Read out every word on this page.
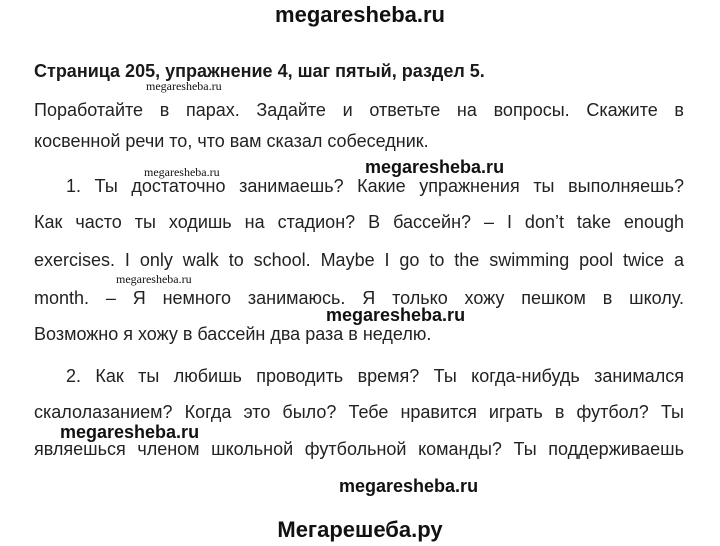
megaresheba.ru
Страница 205, упражнение 4, шаг пятый, раздел 5.
Поработайте в парах. Задайте и ответьте на вопросы. Скажите в
косвенной речи то, что вам сказал собеседник.
1. Ты достаточно занимаешь? Какие упражнения ты выполняешь?
Как часто ты ходишь на стадион? В бассейн? – I don’t take enough
exercises. I only walk to school. Maybe I go to the swimming pool twice a
month. – Я немного занимаюсь. Я только хожу пешком в школу.
Возможно я хожу в бассейн два раза в неделю.
2. Как ты любишь проводить время? Ты когда-нибудь занимался
скалолазанием? Когда это было? Тебе нравится играть в футбол? Ты
являешься членом школьной футбольной команды? Ты поддерживаешь
megaresheba.ru
megaresheba.ru
megaresheba.ru
megaresheba.ru
megaresheba.ru
megaresheba.ru
megaresheba.ru
Мегарешеба.ру
